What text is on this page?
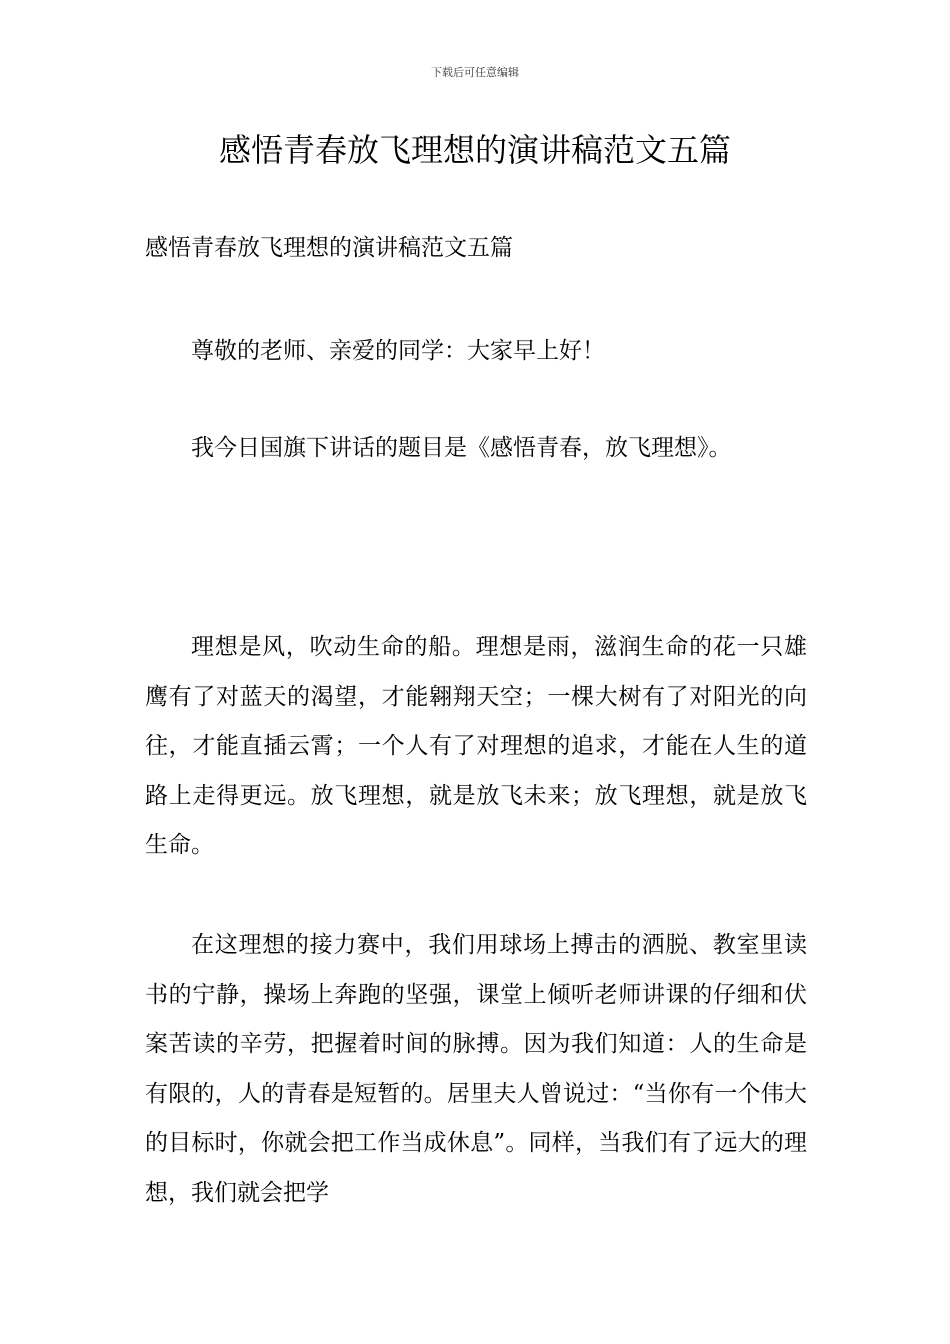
下载后可任意编辑
感悟青春放飞理想的演讲稿范文五篇

感悟青春放飞理想的演讲稿范文五篇

尊敬的老师、亲爱的同学：大家早上好！

我今日国旗下讲话的题目是《感悟青春，放飞理想》。

理想是风，吹动生命的船。理想是雨，滋润生命的花一只雄鹰有了对蓝天的渴望，才能翱翔天空；一棵大树有了对阳光的向往，才能直插云霄；一个人有了对理想的追求，才能在人生的道路上走得更远。放飞理想，就是放飞未来；放飞理想，就是放飞生命。

在这理想的接力赛中，我们用球场上搏击的洒脱、教室里读书的宁静，操场上奔跑的坚强，课堂上倾听老师讲课的仔细和伏案苦读的辛劳，把握着时间的脉搏。因为我们知道：人的生命是有限的，人的青春是短暂的。居里夫人曾说过：“当你有一个伟大的目标时，你就会把工作当成休息”。同样，当我们有了远大的理想，我们就会把学
